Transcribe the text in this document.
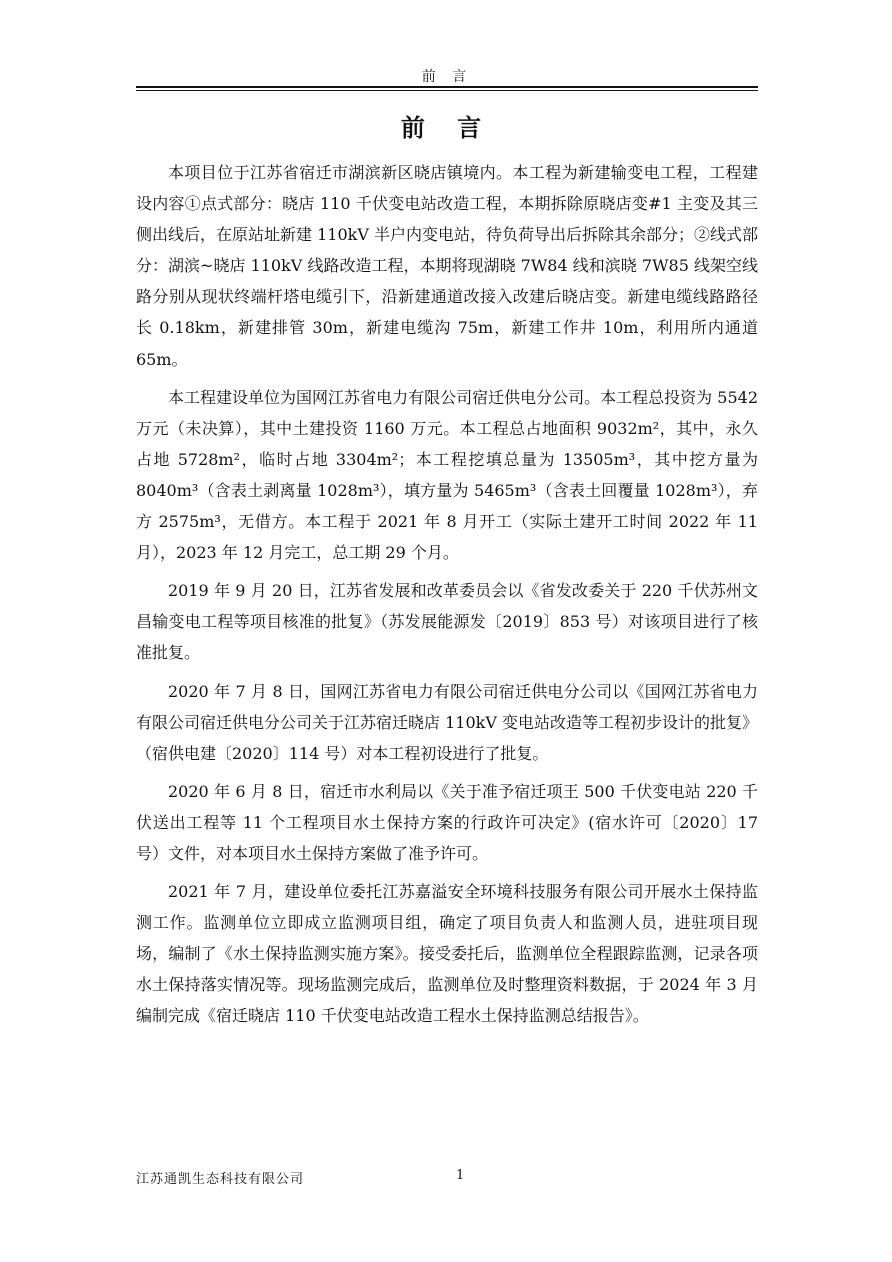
前 言
前 言

本项目位于江苏省宿迁市湖滨新区晓店镇境内。本工程为新建输变电工程，工程建设内容①点式部分：晓店 110 千伏变电站改造工程，本期拆除原晓店变#1 主变及其三侧出线后，在原站址新建 110kV 半户内变电站，待负荷导出后拆除其余部分；②线式部分：湖滨~晓店 110kV 线路改造工程，本期将现湖晓 7W84 线和滨晓 7W85 线架空线路分别从现状终端杆塔电缆引下，沿新建通道改接入改建后晓店变。新建电缆线路路径长 0.18km，新建排管 30m，新建电缆沟 75m，新建工作井 10m，利用所内通道 65m。

本工程建设单位为国网江苏省电力有限公司宿迁供电分公司。本工程总投资为 5542 万元（未决算），其中土建投资 1160 万元。本工程总占地面积 9032m²，其中，永久占地 5728m²，临时占地 3304m²；本工程挖填总量为 13505m³，其中挖方量为 8040m³（含表土剥离量 1028m³），填方量为 5465m³（含表土回覆量 1028m³），弃方 2575m³，无借方。本工程于 2021 年 8 月开工（实际土建开工时间 2022 年 11 月），2023 年 12 月完工，总工期 29 个月。

2019 年 9 月 20 日，江苏省发展和改革委员会以《省发改委关于 220 千伏苏州文昌输变电工程等项目核准的批复》（苏发展能源发〔2019〕853 号）对该项目进行了核准批复。

2020 年 7 月 8 日，国网江苏省电力有限公司宿迁供电分公司以《国网江苏省电力有限公司宿迁供电分公司关于江苏宿迁晓店 110kV 变电站改造等工程初步设计的批复》（宿供电建〔2020〕114 号）对本工程初设进行了批复。

2020 年 6 月 8 日，宿迁市水利局以《关于准予宿迁项王 500 千伏变电站 220 千伏送出工程等 11 个工程项目水土保持方案的行政许可决定》(宿水许可〔2020〕17 号）文件，对本项目水土保持方案做了准予许可。

2021 年 7 月，建设单位委托江苏嘉溢安全环境科技服务有限公司开展水土保持监测工作。监测单位立即成立监测项目组，确定了项目负责人和监测人员，进驻项目现场，编制了《水土保持监测实施方案》。接受委托后，监测单位全程跟踪监测，记录各项水土保持落实情况等。现场监测完成后，监测单位及时整理资料数据，于 2024 年 3 月编制完成《宿迁晓店 110 千伏变电站改造工程水土保持监测总结报告》。

江苏通凯生态科技有限公司	1
